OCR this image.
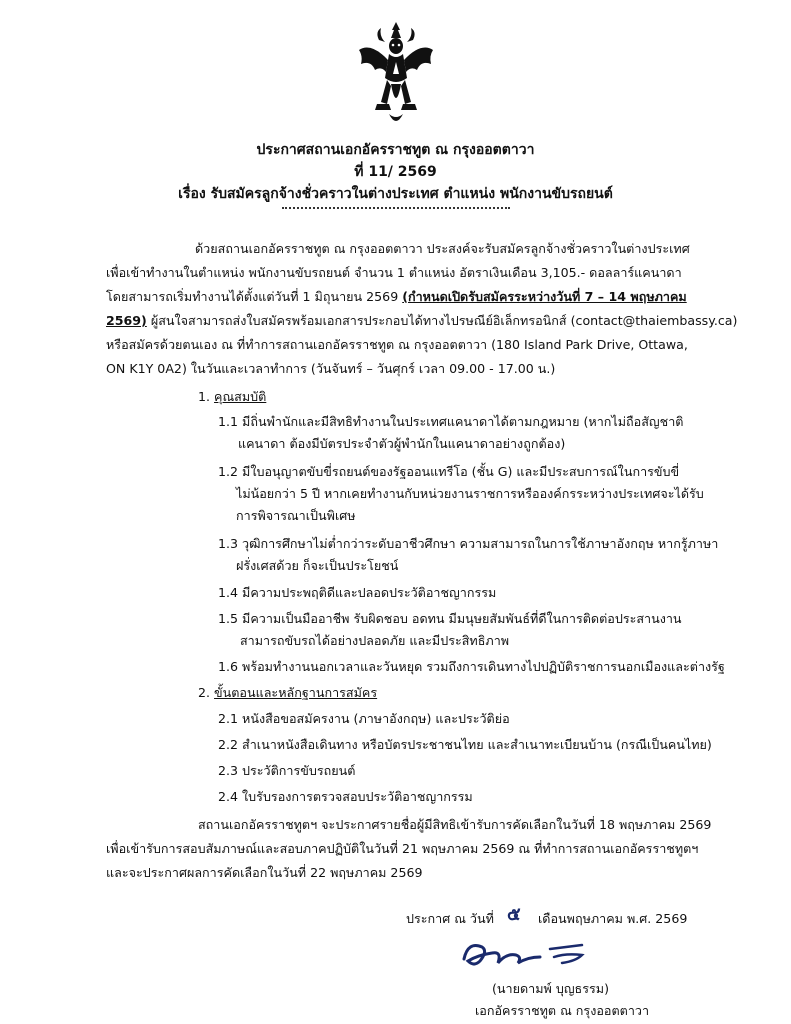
ประกาศสถานเอกอัครราชทูต ณ กรุงออตตาวา
ที่ 11/ 2569
เรื่อง รับสมัครลูกจ้างชั่วคราวในต่างประเทศ ตำแหน่ง พนักงานขับรถยนต์
ด้วยสถานเอกอัครราชทูต ณ กรุงออตตาวา ประสงค์จะรับสมัครลูกจ้างชั่วคราวในต่างประเทศ
เพื่อเข้าทำงานในตำแหน่ง พนักงานขับรถยนต์ จำนวน 1 ตำแหน่ง อัตราเงินเดือน 3,105.- ดอลลาร์แคนาดา
โดยสามารถเริ่มทำงานได้ตั้งแต่วันที่ 1 มิถุนายน 2569 (กำหนดเปิดรับสมัครระหว่างวันที่ 7 – 14 พฤษภาคม
2569) ผู้สนใจสามารถส่งใบสมัครพร้อมเอกสารประกอบได้ทางไปรษณีย์อิเล็กทรอนิกส์ (contact@thaiembassy.ca)
หรือสมัครด้วยตนเอง ณ ที่ทำการสถานเอกอัครราชทูต ณ กรุงออตตาวา (180 Island Park Drive, Ottawa,
ON K1Y 0A2) ในวันและเวลาทำการ (วันจันทร์ – วันศุกร์ เวลา 09.00 - 17.00 น.)
1. คุณสมบัติ
1.1 มีถิ่นพำนักและมีสิทธิทำงานในประเทศแคนาดาได้ตามกฎหมาย (หากไม่ถือสัญชาติ
แคนาดา ต้องมีบัตรประจำตัวผู้พำนักในแคนาดาอย่างถูกต้อง)
1.2 มีใบอนุญาตขับขี่รถยนต์ของรัฐออนแทรีโอ (ชั้น G) และมีประสบการณ์ในการขับขี่
ไม่น้อยกว่า 5 ปี หากเคยทำงานกับหน่วยงานราชการหรือองค์กรระหว่างประเทศจะได้รับ
การพิจารณาเป็นพิเศษ
1.3 วุฒิการศึกษาไม่ต่ำกว่าระดับอาชีวศึกษา ความสามารถในการใช้ภาษาอังกฤษ หากรู้ภาษา
ฝรั่งเศสด้วย ก็จะเป็นประโยชน์
1.4 มีความประพฤติดีและปลอดประวัติอาชญากรรม
1.5 มีความเป็นมืออาชีพ รับผิดชอบ อดทน มีมนุษยสัมพันธ์ที่ดีในการติดต่อประสานงาน
สามารถขับรถได้อย่างปลอดภัย และมีประสิทธิภาพ
1.6 พร้อมทำงานนอกเวลาและวันหยุด รวมถึงการเดินทางไปปฏิบัติราชการนอกเมืองและต่างรัฐ
2. ขั้นตอนและหลักฐานการสมัคร
2.1 หนังสือขอสมัครงาน (ภาษาอังกฤษ) และประวัติย่อ
2.2 สำเนาหนังสือเดินทาง หรือบัตรประชาชนไทย และสำเนาทะเบียนบ้าน (กรณีเป็นคนไทย)
2.3 ประวัติการขับรถยนต์
2.4 ใบรับรองการตรวจสอบประวัติอาชญากรรม
สถานเอกอัครราชทูตฯ จะประกาศรายชื่อผู้มีสิทธิเข้ารับการคัดเลือกในวันที่ 18 พฤษภาคม 2569
เพื่อเข้ารับการสอบสัมภาษณ์และสอบภาคปฏิบัติในวันที่ 21 พฤษภาคม 2569 ณ ที่ทำการสถานเอกอัครราชทูตฯ
และจะประกาศผลการคัดเลือกในวันที่ 22 พฤษภาคม 2569
ประกาศ ณ วันที่ ๕ เดือนพฤษภาคม พ.ศ. 2569
(นายดามพ์ บุญธรรม)
เอกอัครราชทูต ณ กรุงออตตาวา
